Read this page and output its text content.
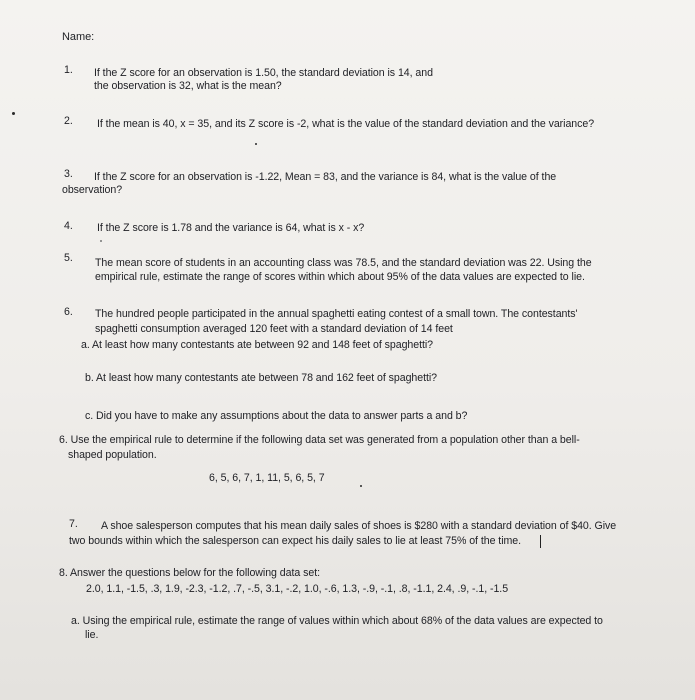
Name:
1. If the Z score for an observation is 1.50, the standard deviation is 14, and
the observation is 32, what is the mean?
2. If the mean is 40, x = 35, and its Z score is -2, what is the value of the standard deviation and the variance?
3. If the Z score for an observation is -1.22, Mean = 83, and the variance is 84, what is the value of the
observation?
4. If the Z score is 1.78 and the variance is 64, what is x - x?
5. The mean score of students in an accounting class was 78.5, and the standard deviation was 22. Using the
empirical rule, estimate the range of scores within which about 95% of the data values are expected to lie.
6. The hundred people participated in the annual spaghetti eating contest of a small town. The contestants'
spaghetti consumption averaged 120 feet with a standard deviation of 14 feet
a. At least how many contestants ate between 92 and 148 feet of spaghetti?
b. At least how many contestants ate between 78 and 162 feet of spaghetti?
c. Did you have to make any assumptions about the data to answer parts a and b?
6. Use the empirical rule to determine if the following data set was generated from a population other than a bell-
shaped population.
6, 5, 6, 7, 1, 11, 5, 6, 5, 7
7. A shoe salesperson computes that his mean daily sales of shoes is $280 with a standard deviation of $40. Give
two bounds within which the salesperson can expect his daily sales to lie at least 75% of the time.
8. Answer the questions below for the following data set:
2.0, 1.1, -1.5, .3, 1.9, -2.3, -1.2, .7, -.5, 3.1, -.2, 1.0, -.6, 1.3, -.9, -.1, .8, -1.1, 2.4, .9, -.1, -1.5
a. Using the empirical rule, estimate the range of values within which about 68% of the data values are expected to
lie.
